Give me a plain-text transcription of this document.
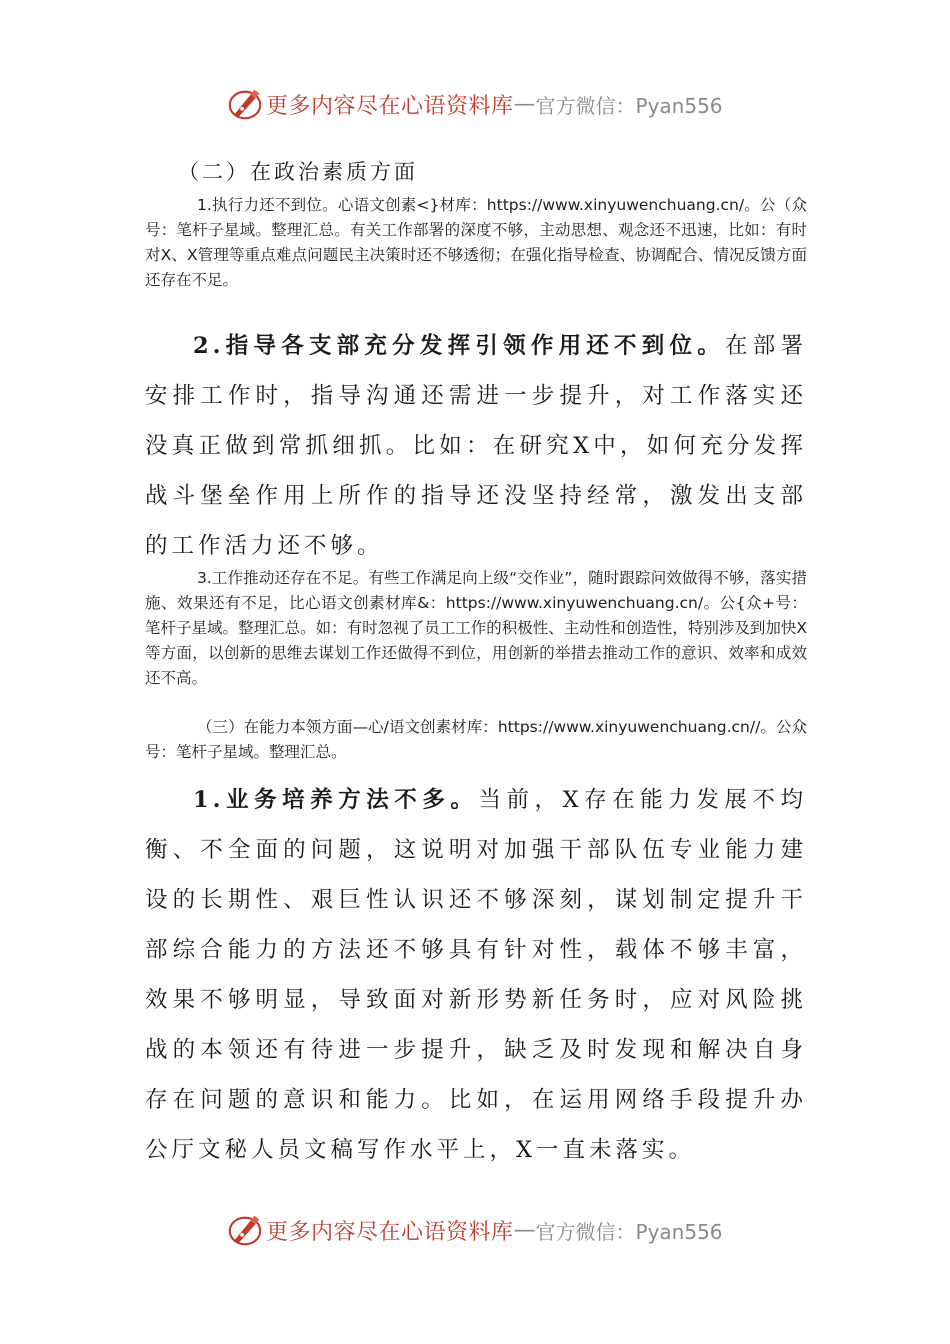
更多内容尽在心语资料库 — 官方微信：Pyan556
（二）在政治素质方面
1.执行力还不到位。心语文创素<}材库：https://www.xinyuwenchuang.cn/。公（众号：笔杆子星域。整理汇总。有关工作部署的深度不够，主动思想、观念还不迅速，比如：有时对X、X管理等重点难点问题民主决策时还不够透彻；在强化指导检查、协调配合、情况反馈方面还存在不足。
2.指导各支部充分发挥引领作用还不到位。在部署安排工作时，指导沟通还需进一步提升，对工作落实还没真正做到常抓细抓。比如：在研究X中，如何充分发挥战斗堡垒作用上所作的指导还没坚持经常，激发出支部的工作活力还不够。
3.工作推动还存在不足。有些工作满足向上级“交作业”，随时跟踪问效做得不够，落实措施、效果还有不足，比心语文创素材库&：https://www.xinyuwenchuang.cn/。公{众+号：笔杆子星域。整理汇总。如：有时忽视了员工工作的积极性、主动性和创造性，特别涉及到加快X等方面，以创新的思维去谋划工作还做得不到位，用创新的举措去推动工作的意识、效率和成效还不高。
（三）在能力本领方面—心/语文创素材库：https://www.xinyuwenchuang.cn//。公众号：笔杆子星域。整理汇总。
1.业务培养方法不多。当前，X存在能力发展不均衡、不全面的问题，这说明对加强干部队伍专业能力建设的长期性、艰巨性认识还不够深刻，谋划制定提升干部综合能力的方法还不够具有针对性，载体不够丰富，效果不够明显，导致面对新形势新任务时，应对风险挑战的本领还有待进一步提升，缺乏及时发现和解决自身存在问题的意识和能力。比如，在运用网络手段提升办公厅文秘人员文稿写作水平上，X一直未落实。
更多内容尽在心语资料库 — 官方微信：Pyan556
